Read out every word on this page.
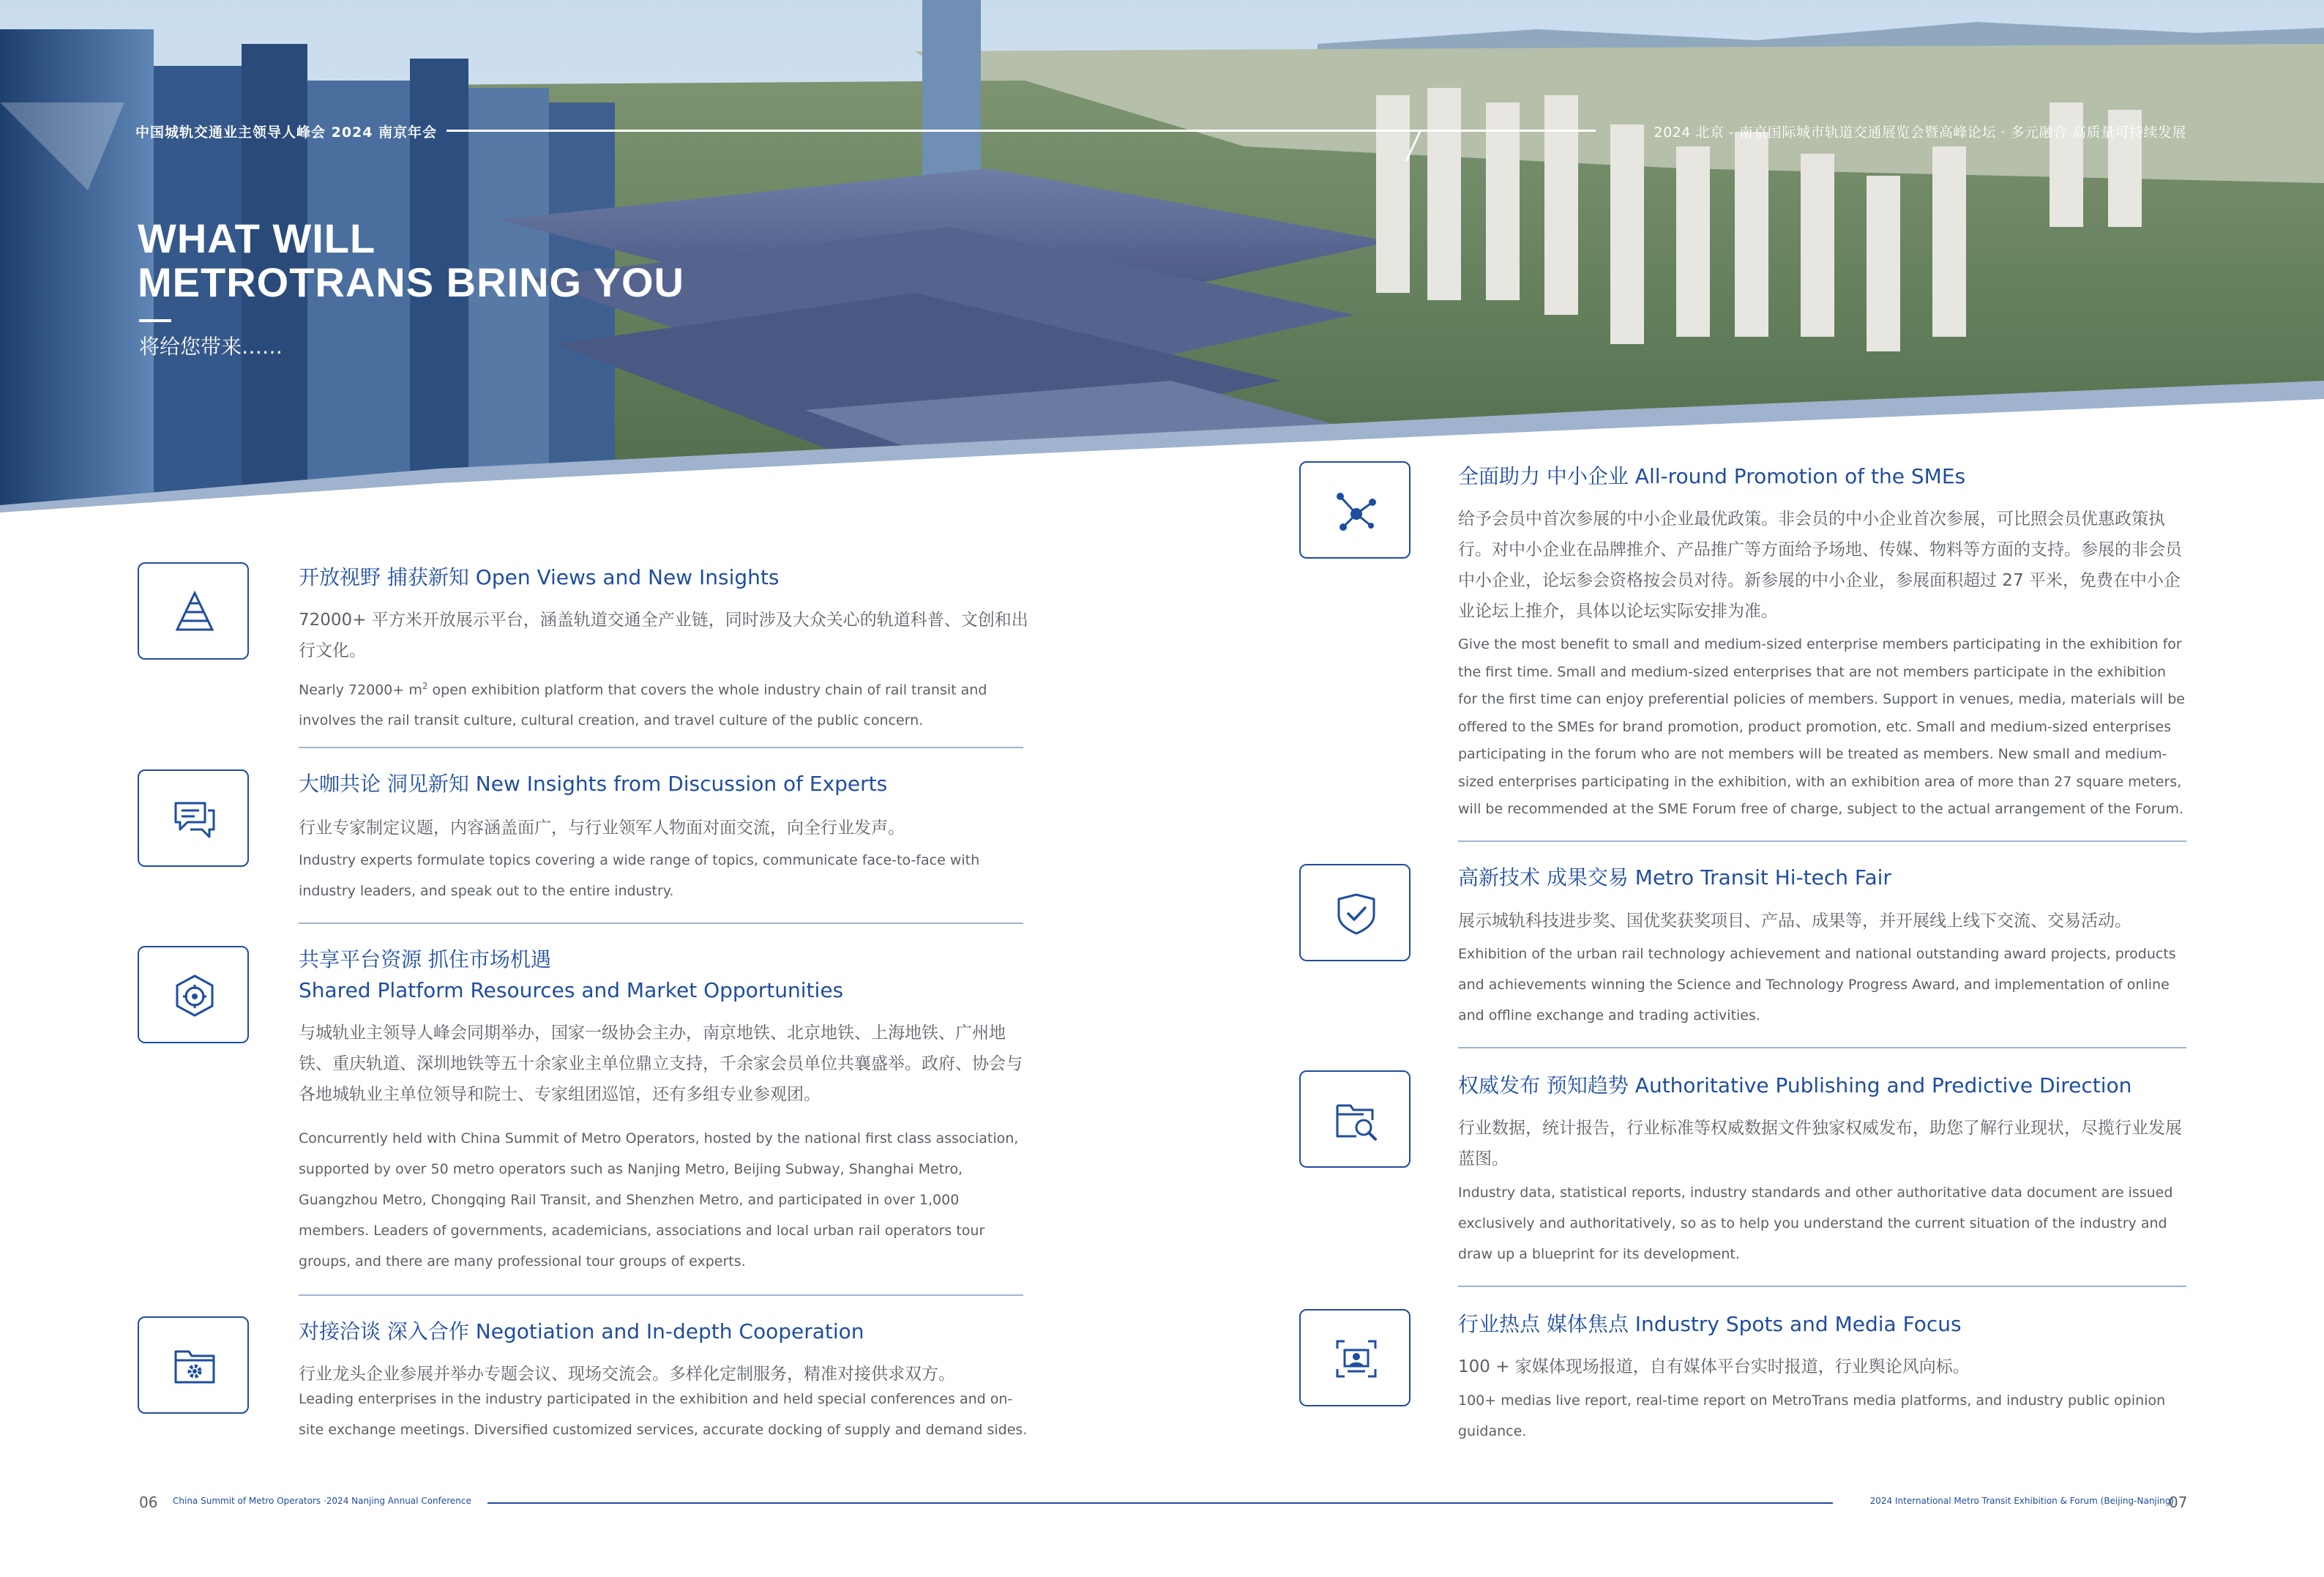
中国城轨交通业主领导人峰会 2024 南京年会	2024 北京 - 南京国际城市轨道交通展览会暨高峰论坛 · 多元融合 高质量可持续发展
WHAT WILL
METROTRANS BRING YOU
将给您带来……
开放视野 捕获新知 Open Views and New Insights
72000+ 平方米开放展示平台，涵盖轨道交通全产业链，同时涉及大众关心的轨道科普、文创和出行文化。
Nearly $72000+ m^2$ open exhibition platform that covers the whole industry chain of rail transit and involves the rail transit culture, cultural creation, and travel culture of the public concern.
大咖共论 洞见新知 New Insights from Discussion of Experts
行业专家制定议题，内容涵盖面广，与行业领军人物面对面交流，向全行业发声。
Industry experts formulate topics covering a wide range of topics, communicate face-to-face with industry leaders, and speak out to the entire industry.
共享平台资源 抓住市场机遇
Shared Platform Resources and Market Opportunities
与城轨业主领导人峰会同期举办，国家一级协会主办，南京地铁、北京地铁、上海地铁、广州地铁、重庆轨道、深圳地铁等五十余家业主单位鼎立支持，千余家会员单位共襄盛举。政府、协会与各地城轨业主单位领导和院士、专家组团巡馆，还有多组专业参观团。
Concurrently held with China Summit of Metro Operators, hosted by the national first class association, supported by over 50 metro operators such as Nanjing Metro, Beijing Subway, Shanghai Metro, Guangzhou Metro, Chongqing Rail Transit, and Shenzhen Metro, and participated in over 1,000 members. Leaders of governments, academicians, associations and local urban rail operators tour groups, and there are many professional tour groups of experts.
对接洽谈 深入合作 Negotiation and In-depth Cooperation
行业龙头企业参展并举办专题会议、现场交流会。多样化定制服务，精准对接供求双方。
Leading enterprises in the industry participated in the exhibition and held special conferences and on-site exchange meetings. Diversified customized services, accurate docking of supply and demand sides.
全面助力 中小企业 All-round Promotion of the SMEs
给予会员中首次参展的中小企业最优政策。非会员的中小企业首次参展，可比照会员优惠政策执行。对中小企业在品牌推介、产品推广等方面给予场地、传媒、物料等方面的支持。参展的非会员中小企业，论坛参会资格按会员对待。新参展的中小企业，参展面积超过 27 平米，免费在中小企业论坛上推介，具体以论坛实际安排为准。
Give the most benefit to small and medium-sized enterprise members participating in the exhibition for the first time. Small and medium-sized enterprises that are not members participate in the exhibition for the first time can enjoy preferential policies of members. Support in venues, media, materials will be offered to the SMEs for brand promotion, product promotion, etc. Small and medium-sized enterprises participating in the forum who are not members will be treated as members. New small and medium-sized enterprises participating in the exhibition, with an exhibition area of more than 27 square meters, will be recommended at the SME Forum free of charge, subject to the actual arrangement of the Forum.
高新技术 成果交易 Metro Transit Hi-tech Fair
展示城轨科技进步奖、国优奖获奖项目、产品、成果等，并开展线上线下交流、交易活动。
Exhibition of the urban rail technology achievement and national outstanding award projects, products and achievements winning the Science and Technology Progress Award, and implementation of online and offline exchange and trading activities.
权威发布 预知趋势 Authoritative Publishing and Predictive Direction
行业数据，统计报告，行业标准等权威数据文件独家权威发布，助您了解行业现状，尽揽行业发展蓝图。
Industry data, statistical reports, industry standards and other authoritative data document are issued exclusively and authoritatively, so as to help you understand the current situation of the industry and draw up a blueprint for its development.
行业热点 媒体焦点 Industry Spots and Media Focus
100 + 家媒体现场报道，自有媒体平台实时报道，行业舆论风向标。
100+ medias live report, real-time report on MetroTrans media platforms, and industry public opinion guidance.
06 China Summit of Metro Operators ·2024 Nanjing Annual Conference	2024 International Metro Transit Exhibition & Forum (Beijing-Nanjing)
07
